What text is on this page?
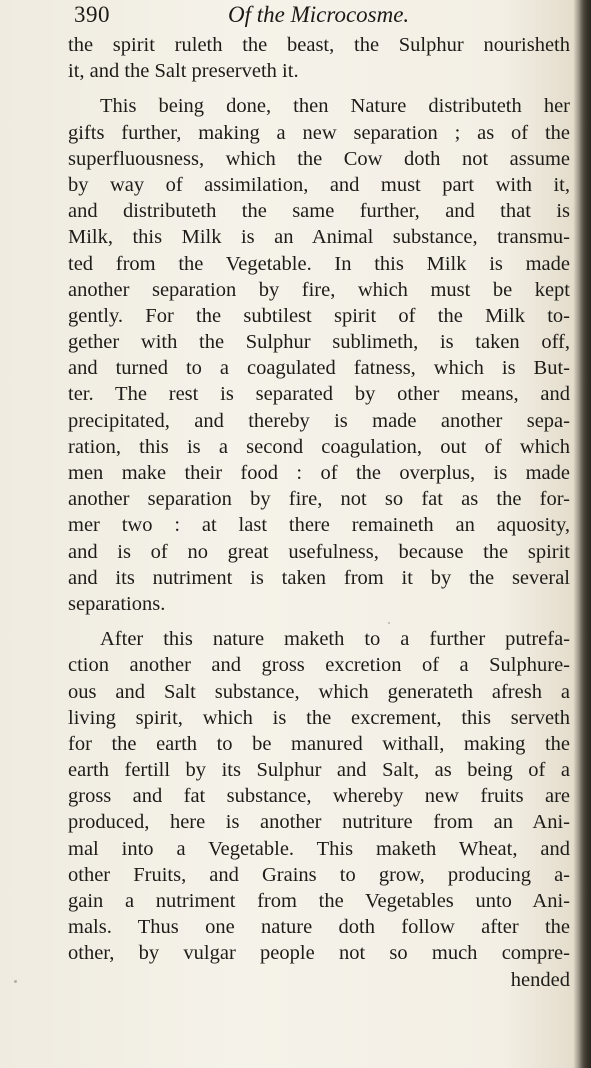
390	Of the Microcosme.
the spirit ruleth the beast, the Sulphur nourisheth
it, and the Salt preserveth it.
This being done, then Nature distributeth her
gifts further, making a new separation ; as of the
superfluousness, which the Cow doth not assume
by way of assimilation, and must part with it,
and distributeth the same further, and that is
Milk, this Milk is an Animal substance, transmu-
ted from the Vegetable. In this Milk is made
another separation by fire, which must be kept
gently. For the subtilest spirit of the Milk to-
gether with the Sulphur sublimeth, is taken off,
and turned to a coagulated fatness, which is But-
ter. The rest is separated by other means, and
precipitated, and thereby is made another sepa-
ration, this is a second coagulation, out of which
men make their food : of the overplus, is made
another separation by fire, not so fat as the for-
mer two : at last there remaineth an aquosity,
and is of no great usefulness, because the spirit
and its nutriment is taken from it by the several
separations.
After this nature maketh to a further putrefa-
ction another and gross excretion of a Sulphure-
ous and Salt substance, which generateth afresh a
living spirit, which is the excrement, this serveth
for the earth to be manured withall, making the
earth fertill by its Sulphur and Salt, as being of a
gross and fat substance, whereby new fruits are
produced, here is another nutriture from an Ani-
mal into a Vegetable. This maketh Wheat, and
other Fruits, and Grains to grow, producing a-
gain a nutriment from the Vegetables unto Ani-
mals. Thus one nature doth follow after the
other, by vulgar people not so much compre-
hended
